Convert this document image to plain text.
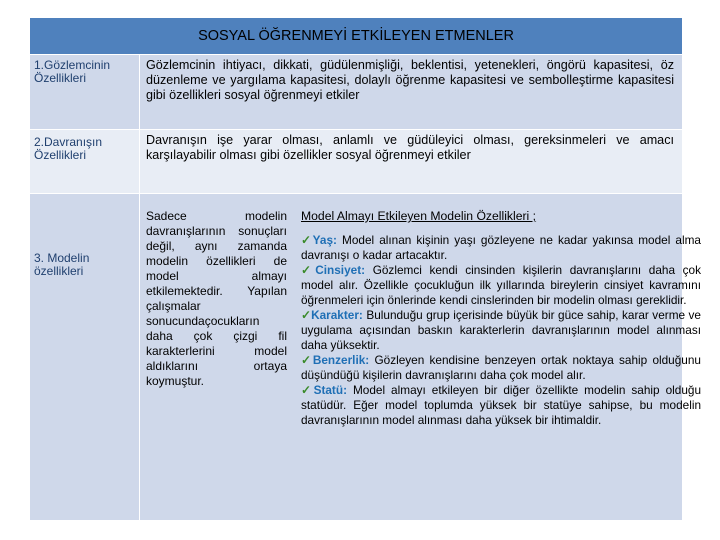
SOSYAL ÖĞRENMEYİ ETKİLEYEN ETMENLER
1.Gözlemcinin Özellikleri
Gözlemcinin ihtiyacı, dikkati, güdülenmişliği, beklentisi, yetenekleri, öngörü kapasitesi, öz düzenleme ve yargılama kapasitesi, dolaylı öğrenme kapasitesi ve sembolleştirme kapasitesi gibi özellikleri sosyal öğrenmeyi etkiler
2.Davranışın Özellikleri
Davranışın işe yarar olması, anlamlı ve güdüleyici olması, gereksinmeleri ve amacı karşılayabilir olması gibi özellikler sosyal öğrenmeyi etkiler
3. Modelin özellikleri
Sadece modelin davranışlarının sonuçları değil, aynı zamanda modelin özellikleri de model almayı etkilemektedir. Yapılan çalışmalar sonucundaçocukların daha çok çizgi fil karakterlerini model aldıklarını ortaya koymuştur.
Model Almayı Etkileyen Modelin Özellikleri ;

✓Yaş: Model alınan kişinin yaşı gözleyene ne kadar yakınsa model alma davranışı o kadar artacaktır.

✓Cinsiyet: Gözlemci kendi cinsinden kişilerin davranışlarını daha çok model alır. Özellikle çocukluğun ilk yıllarında bireylerin cinsiyet kavramını öğrenmeleri için önlerinde kendi cinslerinden bir modelin olması gereklidir.

✓Karakter: Bulunduğu grup içerisinde büyük bir güce sahip, karar verme ve uygulama açısından baskın karakterlerin davranışlarının model alınması daha yüksektir.

✓Benzerlik: Gözleyen kendisine benzeyen ortak noktaya sahip olduğunu düşündüğü kişilerin davranışlarını daha çok model alır.

✓Statü: Model almayı etkileyen bir diğer özellikte modelin sahip olduğu statüdür. Eğer model toplumda yüksek bir statüye sahipse, bu modelin davranışlarının model alınması daha yüksek bir ihtimaldir.
